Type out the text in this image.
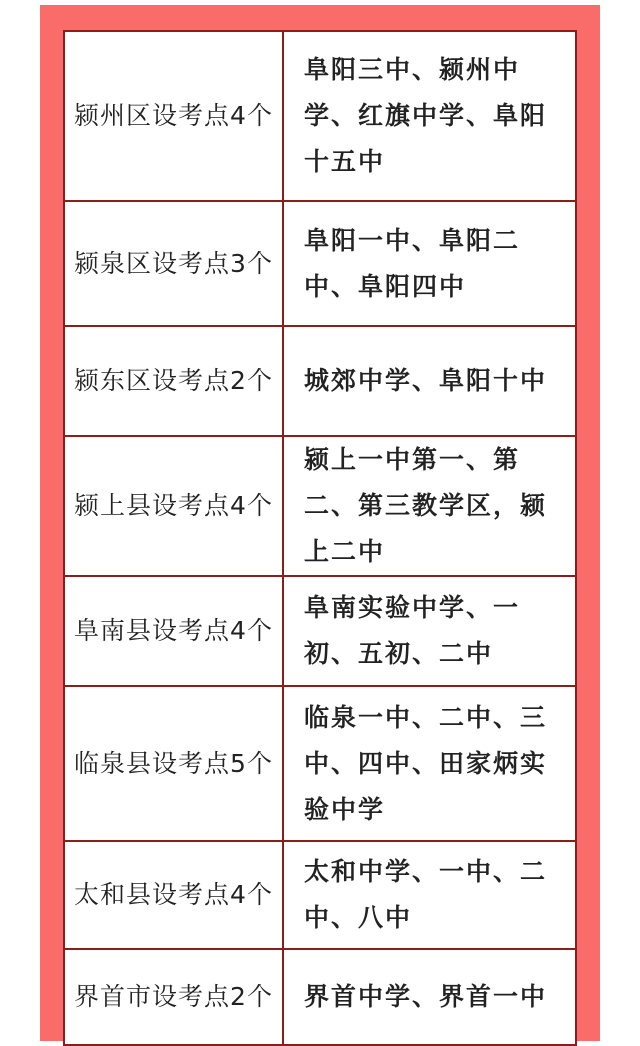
颍州区设考点4个	阜阳三中、颍州中学、红旗中学、阜阳十五中
颍泉区设考点3个	阜阳一中、阜阳二中、阜阳四中
颍东区设考点2个	城郊中学、阜阳十中
颍上县设考点4个	颍上一中第一、第二、第三教学区，颍上二中
阜南县设考点4个	阜南实验中学、一初、五初、二中
临泉县设考点5个	临泉一中、二中、三中、四中、田家炳实验中学
太和县设考点4个	太和中学、一中、二中、八中
界首市设考点2个	界首中学、界首一中
